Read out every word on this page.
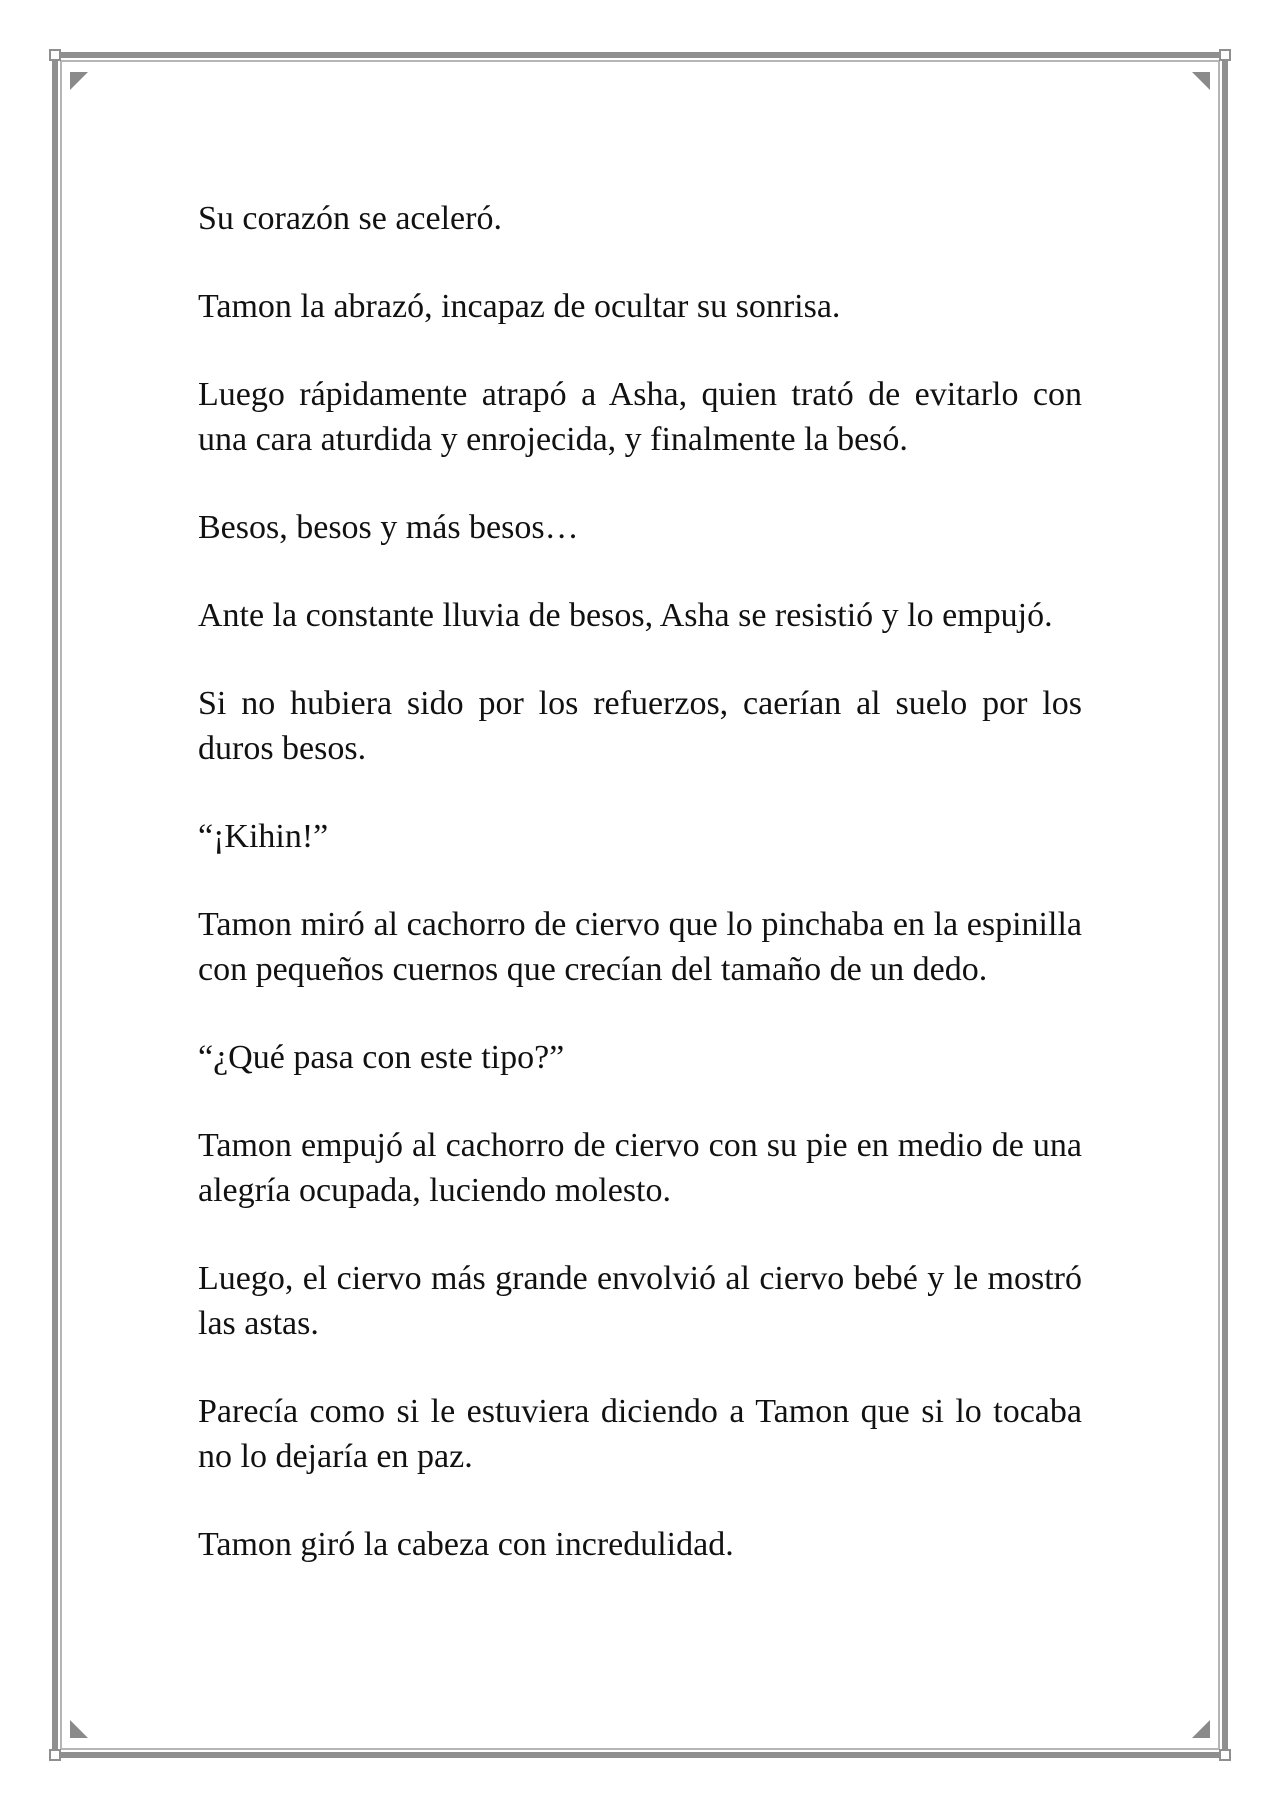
Su corazón se aceleró.

Tamon la abrazó, incapaz de ocultar su sonrisa.

Luego rápidamente atrapó a Asha, quien trató de evitarlo con una cara aturdida y enrojecida, y finalmente la besó.

Besos, besos y más besos…

Ante la constante lluvia de besos, Asha se resistió y lo empujó.

Si no hubiera sido por los refuerzos, caerían al suelo por los duros besos.

“¡Kihin!”

Tamon miró al cachorro de ciervo que lo pinchaba en la espinilla con pequeños cuernos que crecían del tamaño de un dedo.

“¿Qué pasa con este tipo?”

Tamon empujó al cachorro de ciervo con su pie en medio de una alegría ocupada, luciendo molesto.

Luego, el ciervo más grande envolvió al ciervo bebé y le mostró las astas.

Parecía como si le estuviera diciendo a Tamon que si lo tocaba no lo dejaría en paz.

Tamon giró la cabeza con incredulidad.
